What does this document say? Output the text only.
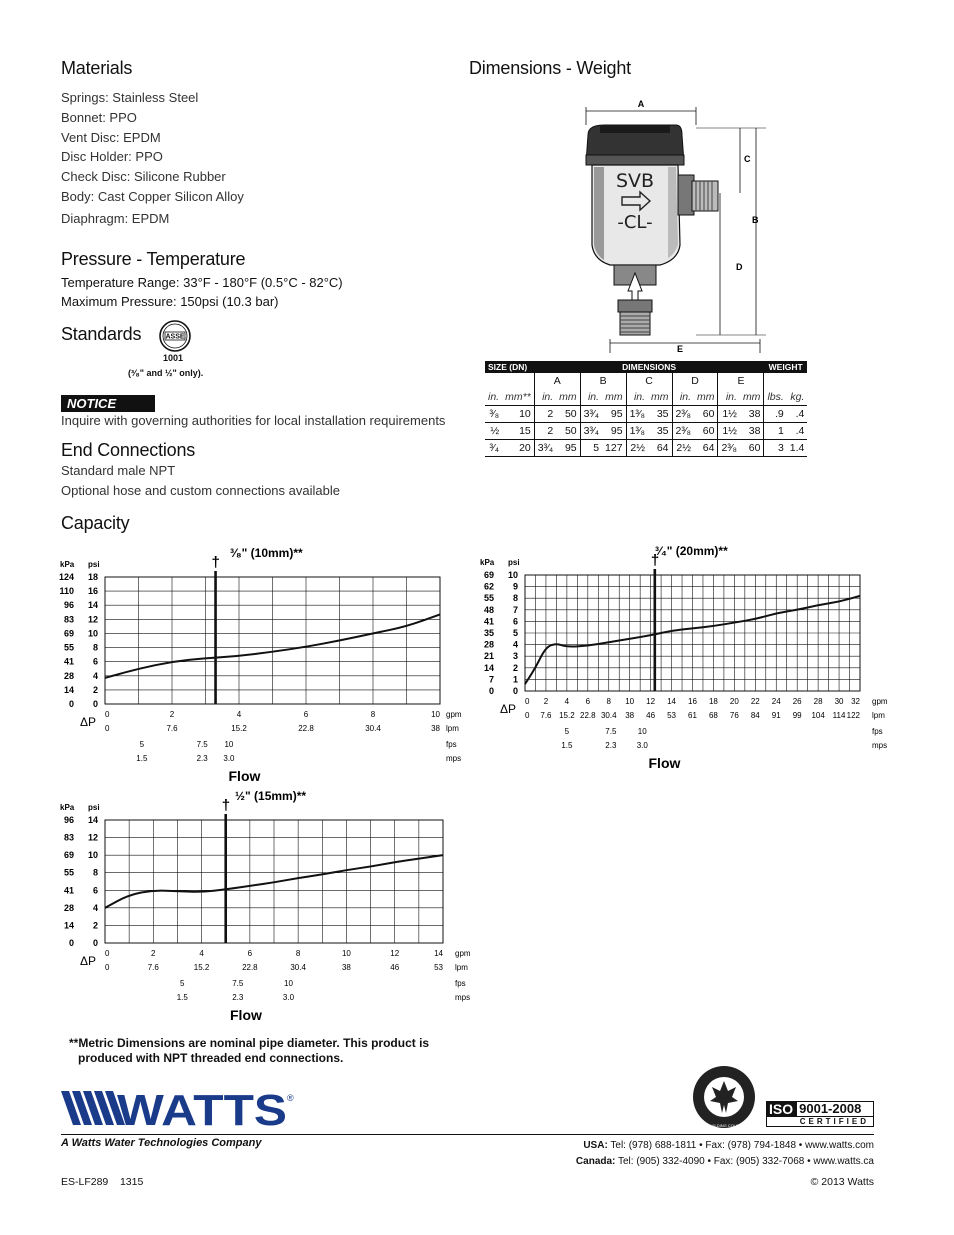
Materials
Springs: Stainless Steel
Bonnet: PPO
Vent Disc: EPDM
Disc Holder: PPO
Check Disc: Silicone Rubber
Body: Cast Copper Silicon Alloy
Diaphragm: EPDM
Pressure - Temperature
Temperature Range: 33°F - 180°F (0.5°C - 82°C)
Maximum Pressure: 150psi (10.3 bar)
Standards	ASSE
1001
(³⁄₈" and ½" only).
NOTICE
Inquire with governing authorities for local installation requirements
End Connections
Standard male NPT
Optional hose and custom connections available
Capacity
Dimensions - Weight
A
C
B
D
E
SVB
-CL-
SIZE (DN)		DIMENSIONS										WEIGHT	
		A		B		C		D		E			
in.	mm**	in.	mm	in.	mm	in.	mm	in.	mm	in.	mm	lbs.	kg.
³⁄₈	10	2	50	3³⁄₄	95	1³⁄₈	35	2³⁄₈	60	1½	38	.9	.4
½	15	2	50	3³⁄₄	95	1³⁄₈	35	2³⁄₈	60	1½	38	1	.4
³⁄₄	20	3³⁄₄	95	5	127	2½	64	2½	64	2³⁄₈	60	3	1.4
³⁄₈" (10mm)**
†
kPa psi
18
124
16
110
14
96
12
83
10
69
8
55
6
41
4
28
2
14
0
0
0
0
2
7.6
4
15.2
6
22.8
8
30.4
10
38
gpm
lpm
fps
mps
ΔP
5
1.5
7.5
2.3
10
3.0
Flow
³⁄₄" (20mm)**
†
kPa psi
10
69
9
62
8
55
7
48
6
41
5
35
4
28
3
21
2
14
1
7
0
0
0
0
2
7.6
4
15.2
6
22.8
8
30.4
10
38
12
46
14
53
16
61
18
68
20
76
22
84
24
91
26
99
28
104
30
114
32
122
gpm
lpm
fps
mps
ΔP
5
1.5
7.5
2.3
10
3.0
Flow
½" (15mm)**
†
kPa psi
14
96
12
83
10
69
8
55
6
41
4
28
2
14
0
0
0
0
2
7.6
4
15.2
6
22.8
8
30.4
10
38
12
46
14
53
gpm
lpm
fps
mps
ΔP
5
1.5
7.5
2.3
10
3.0
Flow
**Metric Dimensions are nominal pipe diameter. This product is
produced with NPT threaded end connections.
WATTS ®
A Watts Water Technologies Company
U.S. GREEN BUILDING COUNCIL MEMBER
ISO 9001-2008
CERTIFIED
USA: Tel: (978) 688-1811 • Fax: (978) 794-1848 • www.watts.com
Canada: Tel: (905) 332-4090 • Fax: (905) 332-7068 • www.watts.ca
ES-LF289    1315	© 2013 Watts
